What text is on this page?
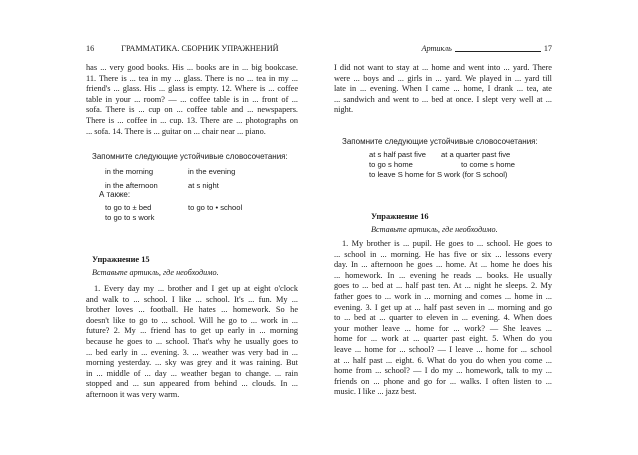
16	ГРАММАТИКА. СБОРНИК УПРАЖНЕНИЙ
has ... very good books. His ... books are in ... big bookcase.
11. There is ... tea in my ... glass. There is no ... tea in my ...
friend's ... glass. His ... glass is empty. 12. Where is ... coffee
table in your ... room? — ... coffee table is in ... front of ...
sofa. There is ... cup on ... coffee table and ... newspapers.
There is ... coffee in ... cup. 13. There are ... photographs on
... sofa. 14. There is ... guitar on ... chair near ... piano.
Запомните следующие устойчивые словосочетания:
in the morning
in the afternoon
in the evening
at s night
А также:
to go to ± bed
to go to s work
to go to • school
Упражнение 15
Вставьте артикль, где необходимо.
1. Every day my ... brother and I get up at eight o'clock
and walk to ... school. I like ... school. It's ... fun. My ...
brother loves ... football. He hates ... homework. So he
doesn't like to go to ... school. Will he go to ... work in ...
future? 2. My ... friend has to get up early in ... morning
because he goes to ... school. That's why he usually goes to
... bed early in ... evening. 3. ... weather was very bad in ...
morning yesterday. ... sky was grey and it was raining. But
in ... middle of ... day ... weather began to change. ... rain
stopped and ... sun appeared from behind ... clouds. In ...
afternoon it was very warm.
Артикль	17
I did not want to stay at ... home and went into ... yard. There
were ... boys and ... girls in ... yard. We played in ... yard till
late in ... evening. When I came ... home, I drank ... tea, ate
... sandwich and went to ... bed at once. I slept very well at ...
night.
Запомните следующие устойчивые словосочетания:
at s half past five
to go s home
to leave S home for S work (for S school)
at a quarter past five
to come s home
Упражнение 16
Вставьте артикль, где необходимо.
1. My brother is ... pupil. He goes to ... school. He goes to
... school in ... morning. He has five or six ... lessons every
day. In ... afternoon he goes ... home. At ... home he does his
... homework. In ... evening he reads ... books. He usually
goes to ... bed at ... half past ten. At ... night he sleeps. 2. My
father goes to ... work in ... morning and comes ... home in ...
evening. 3. I get up at ... half past seven in ... morning and go
to ... bed at ... quarter to eleven in ... evening. 4. When does
your mother leave ... home for ... work? — She leaves ...
home for ... work at ... quarter past eight. 5. When do you
leave ... home for ... school? — I leave ... home for ... school
at ... half past ... eight. 6. What do you do when you come ...
home from ... school? — I do my ... homework, talk to my ...
friends on ... phone and go for ... walks. I often listen to ...
music. I like ... jazz best.
